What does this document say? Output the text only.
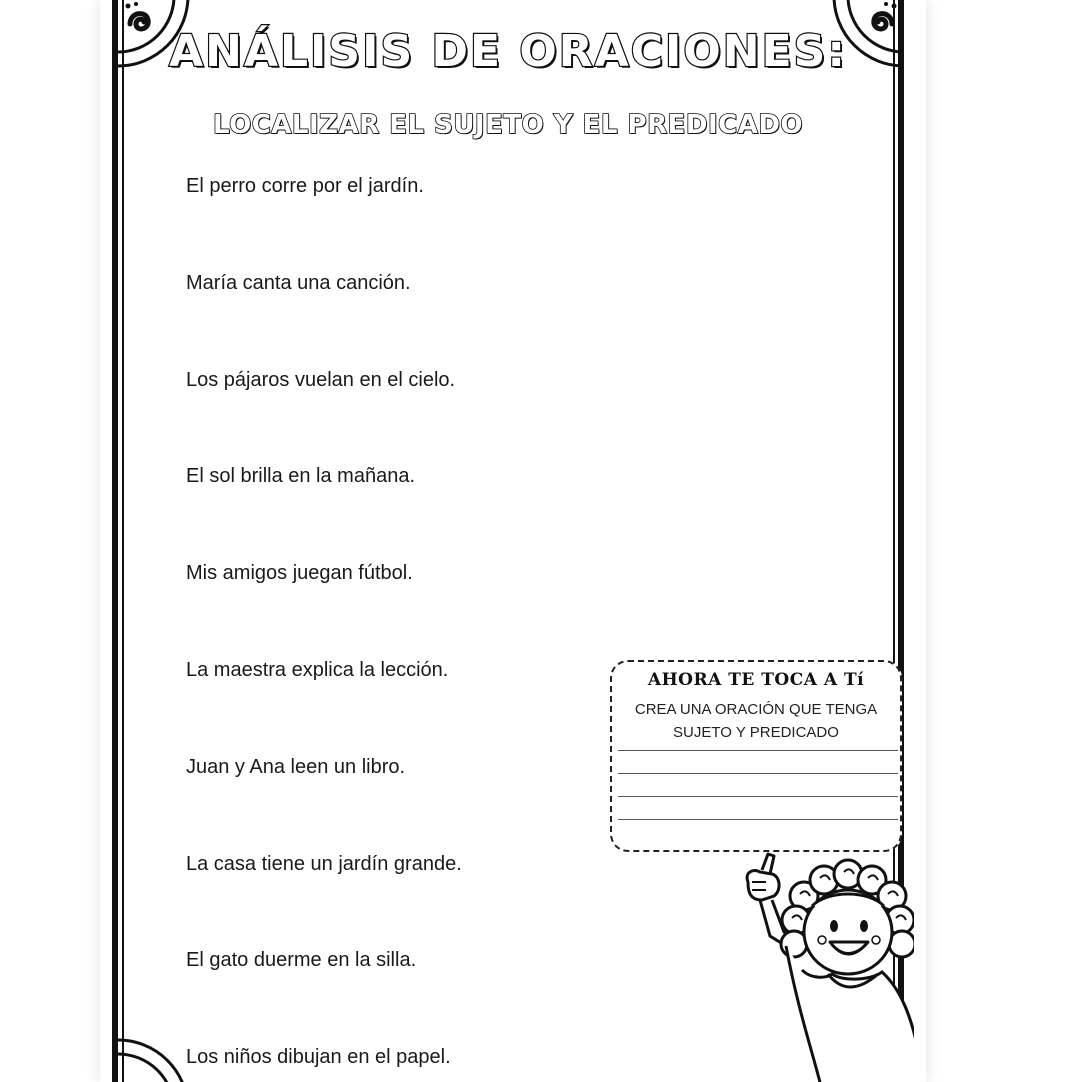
ANÁLISIS DE ORACIONES:
LOCALIZAR EL SUJETO Y EL PREDICADO
El perro corre por el jardín.
María canta una canción.
Los pájaros vuelan en el cielo.
El sol brilla en la mañana.
Mis amigos juegan fútbol.
La maestra explica la lección.
Juan y Ana leen un libro.
La casa tiene un jardín grande.
El gato duerme en la silla.
Los niños dibujan en el papel.
AHORA TE TOCA A Tí
CREA UNA ORACIÓN QUE TENGA
SUJETO Y PREDICADO
